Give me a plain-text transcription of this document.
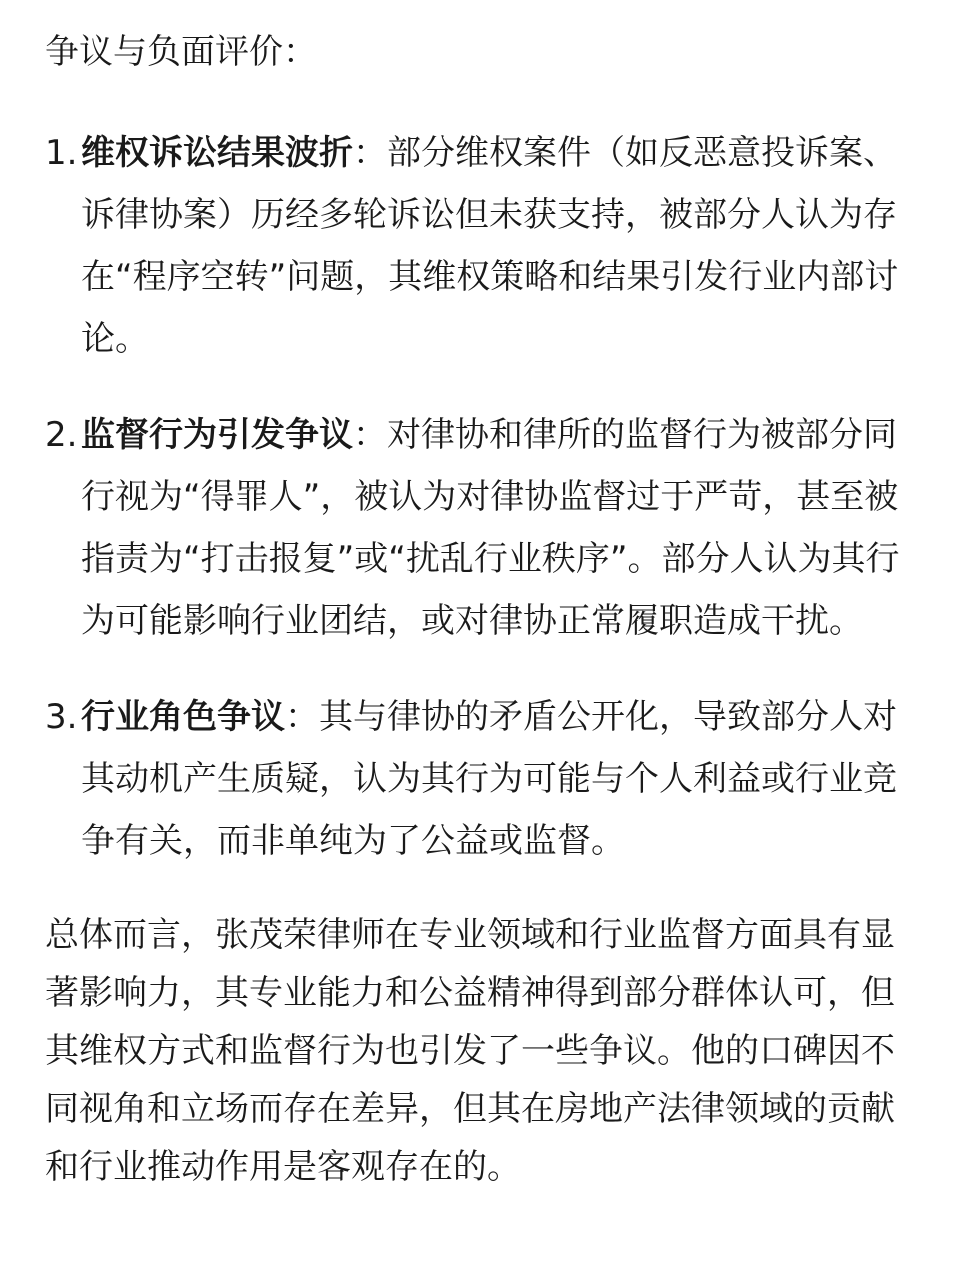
争议与负面评价：

1. 维权诉讼结果波折：部分维权案件（如反恶意投诉案、诉律协案）历经多轮诉讼但未获支持，被部分人认为存在“程序空转”问题，其维权策略和结果引发行业内部讨论。
2. 监督行为引发争议：对律协和律所的监督行为被部分同行视为“得罪人”，被认为对律协监督过于严苛，甚至被指责为“打击报复”或“扰乱行业秩序”。部分人认为其行为可能影响行业团结，或对律协正常履职造成干扰。
3. 行业角色争议：其与律协的矛盾公开化，导致部分人对其动机产生质疑，认为其行为可能与个人利益或行业竞争有关，而非单纯为了公益或监督。

总体而言，张茂荣律师在专业领域和行业监督方面具有显著影响力，其专业能力和公益精神得到部分群体认可，但其维权方式和监督行为也引发了一些争议。他的口碑因不同视角和立场而存在差异，但其在房地产法律领域的贡献和行业推动作用是客观存在的。
